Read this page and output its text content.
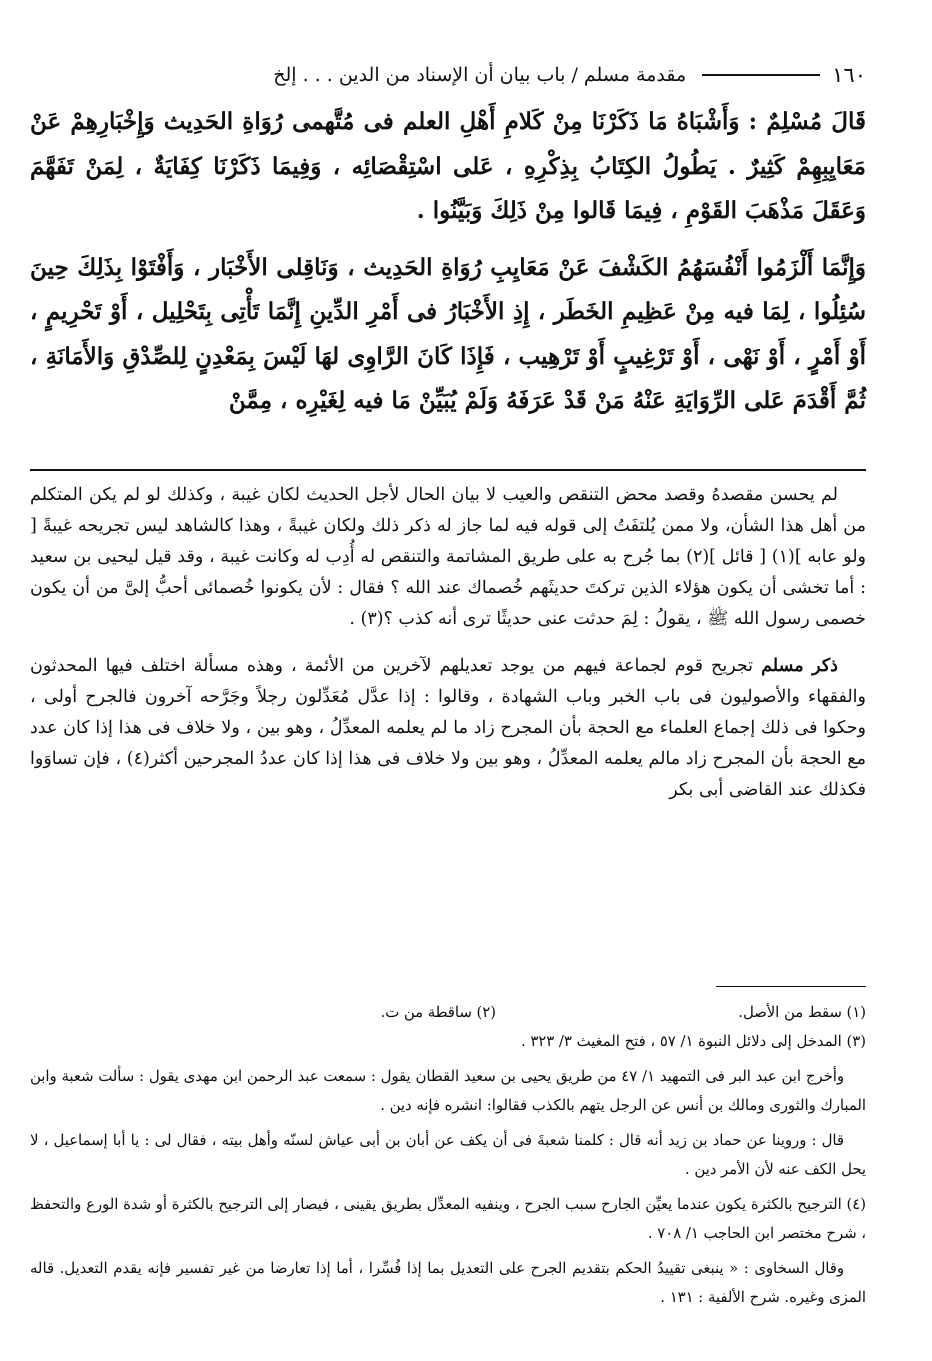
١٦٠
مقدمة مسلم / باب بيان أن الإسناد من الدين . . . إلخ

قَالَ مُسْلِمٌ : وَأَشْبَاهُ مَا ذَكَرْنَا مِنْ كَلامِ أَهْلِ العلم فى مُتَّهمى رُوَاةِ الحَدِيث وَإِخْبَارِهِمْ عَنْ مَعَايِبِهِمْ كَثِيرٌ . يَطُولُ الكِتَابُ بِذِكْرِهِ ، عَلى اسْتِقْصَائِه ، وَفِيمَا ذَكَرْنَا كِفَايَةٌ ، لِمَنْ تَفَهَّمَ وَعَقَلَ مَذْهَبَ القَوْمِ ، فِيمَا قَالوا مِنْ ذَلِكَ وَبَيَّنُوا .

وَإِنَّمَا أَلْزَمُوا أَنْفُسَهُمُ الكَشْفَ عَنْ مَعَايِبِ رُوَاةِ الحَدِيث ، وَنَاقِلى الأَخْبَار ، وَأَفْتَوْا بِذَلِكَ حِينَ سُئِلُوا ، لِمَا فيه مِنْ عَظِيمِ الخَطَر ، إِذِ الأَخْبَارُ فى أَمْرِ الدِّينِ إِنَّمَا تَأْتِى بِتَحْلِيل ، أَوْ تَحْرِيمٍ ، أَوْ أَمْرٍ ، أَوْ نَهْى ، أَوْ تَرْغِيبٍ أَوْ تَرْهِيب ، فَإِذَا كَانَ الرَّاوِى لهَا لَيْسَ بِمَعْدِنٍ لِلصِّدْقِ وَالأَمَانَةِ ، ثُمَّ أَقْدَمَ عَلى الرِّوَايَةِ عَنْهُ مَنْ قَدْ عَرَفَهُ وَلَمْ يُبَيِّنْ مَا فيه لِغَيْرِه ، مِمَّنْ

لم يحسن مقصدهُ وقصد محض التنقص والعيب لا بيان الحال لأجل الحديث لكان غيبة ، وكذلك لو لم يكن المتكلم من أهل هذا الشأن، ولا ممن يُلتفَتُ إلى قوله فيه لما جاز له ذكر ذلك ولكان غيبةً ، وهذا كالشاهد ليس تجريحه غيبةً [ ولو عابه ](١) [ قائل ](٢) بما جُرح به على طريق المشاتمة والتنقص له أُدِب له وكانت غيبة ، وقد قيل ليحيى بن سعيد : أما تخشى أن يكون هؤلاء الذين تركتَ حديثَهم خُصماك عند الله ؟ فقال : لأن يكونوا خُصمائى أحبُّ إلىَّ من أن يكون خصمى رسول الله ﷺ ، يقولُ : لِمَ حدثت عنى حديثًا ترى أنه كذب ؟(٣) .

ذكر مسلم تجريح قوم لجماعة فيهم من يوجد تعديلهم لآخرين من الأئمة ، وهذه مسألة اختلف فيها المحدثون والفقهاء والأصوليون فى باب الخبر وباب الشهادة ، وقالوا : إذا عدَّل مُعَدِّلون رجلاً وجَرَّحه آخرون فالجرح أولى ، وحكوا فى ذلك إجماع العلماء مع الحجة بأن المجرح زاد ما لم يعلمه المعدِّلُ ، وهو بين ، ولا خلاف فى هذا إذا كان عدد مع الحجة بأن المجرح زاد مالم يعلمه المعدِّلُ ، وهو بين ولا خلاف فى هذا إذا كان عددُ المجرحين أكثر(٤) ، فإن تساوَوا فكذلك عند القاضى أبى بكر

(١) سقط من الأصل.
(٢) ساقطة من ت.

(٣) المدخل إلى دلائل النبوة ١/ ٥٧ ، فتح المغيث ٣/ ٣٢٣ .

وأخرج ابن عبد البر فى التمهيد ١/ ٤٧ من طريق يحيى بن سعيد القطان يقول : سمعت عبد الرحمن ابن مهدى يقول : سألت شعبة وابن المبارك والثورى ومالك بن أنس عن الرجل يتهم بالكذب فقالوا: انشره فإنه دين .

قال : وروينا عن حماد بن زيد أنه قال : كلمنا شعبةَ فى أن يكف عن أبان بن أبى عياش لسنّه وأهل بيته ، فقال لى : يا أبا إسماعيل ، لا يحل الكف عنه لأن الأمر دين .

(٤) الترجيح بالكثرة يكون عندما يعيِّن الجارح سبب الجرح ، وينفيه المعدِّل بطريق يقينى ، فيصار إلى الترجيح بالكثرة أو شدة الورع والتحفظ ، شرح مختصر ابن الحاجب ١/ ٧٠٨ .

وقال السخاوى : « ينبغى تقييدُ الحكم بتقديم الجرح على التعديل بما إذا فُسِّرا ، أما إذا تعارضا من غير تفسير فإنه يقدم التعديل. قاله المزى وغيره. شرح الألفية : ١٣١ .
